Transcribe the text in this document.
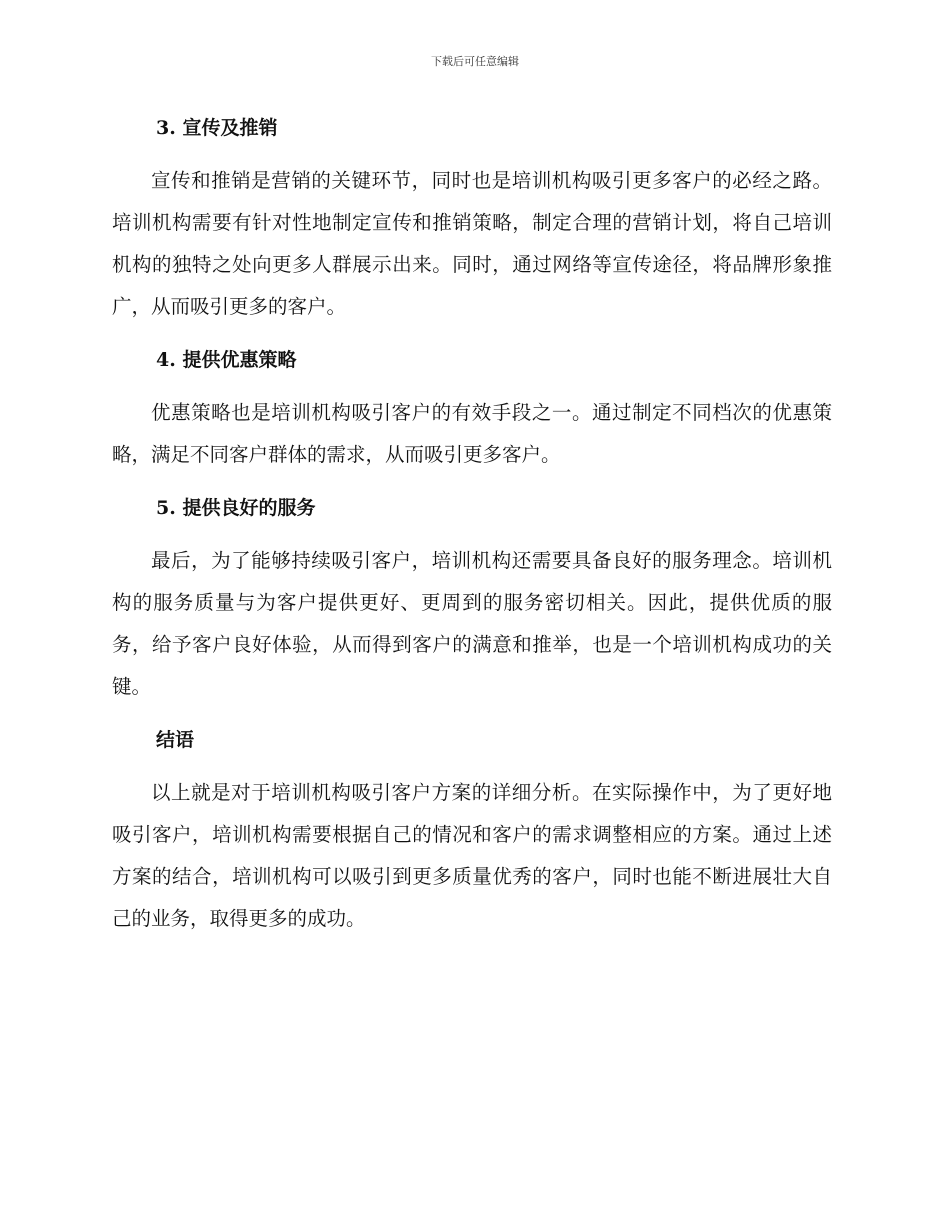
下载后可任意编辑
3. 宣传及推销

宣传和推销是营销的关键环节，同时也是培训机构吸引更多客户的必经之路。培训机构需要有针对性地制定宣传和推销策略，制定合理的营销计划，将自己培训机构的独特之处向更多人群展示出来。同时，通过网络等宣传途径，将品牌形象推广，从而吸引更多的客户。

4. 提供优惠策略

优惠策略也是培训机构吸引客户的有效手段之一。通过制定不同档次的优惠策略，满足不同客户群体的需求，从而吸引更多客户。

5. 提供良好的服务

最后，为了能够持续吸引客户，培训机构还需要具备良好的服务理念。培训机构的服务质量与为客户提供更好、更周到的服务密切相关。因此，提供优质的服务，给予客户良好体验，从而得到客户的满意和推举，也是一个培训机构成功的关键。

结语

以上就是对于培训机构吸引客户方案的详细分析。在实际操作中，为了更好地吸引客户，培训机构需要根据自己的情况和客户的需求调整相应的方案。通过上述方案的结合，培训机构可以吸引到更多质量优秀的客户，同时也能不断进展壮大自己的业务，取得更多的成功。
